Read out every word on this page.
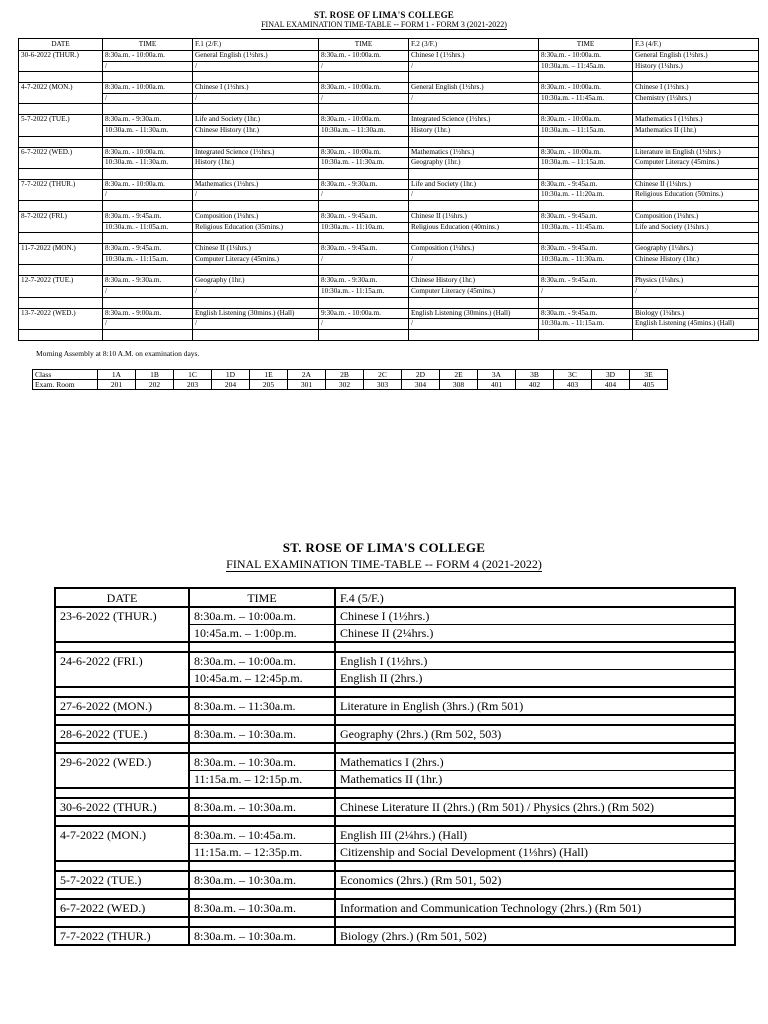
ST. ROSE OF LIMA'S COLLEGE
FINAL EXAMINATION TIME-TABLE -- FORM 1 - FORM 3 (2021-2022)
DATE	TIME	F.1 (2/F.)	TIME	F.2 (3/F.)	TIME	F.3 (4/F.)
30-6-2022 (THUR.)	8:30a.m. - 10:00a.m.	General English (1½hrs.)	8:30a.m. - 10:00a.m.	Chinese I (1½hrs.)	8:30a.m. - 10:00a.m.	General English (1½hrs.)
	/	/	/	/	10:30a.m. – 11:45a.m.	History (1¼hrs.)

4-7-2022 (MON.)	8:30a.m. - 10:00a.m.	Chinese I (1½hrs.)	8:30a.m. - 10:00a.m.	General English (1½hrs.)	8:30a.m. - 10:00a.m.	Chinese I (1½hrs.)
	/	/	/	/	10:30a.m. - 11:45a.m.	Chemistry (1¼hrs.)

5-7-2022 (TUE.)	8:30a.m. - 9:30a.m.	Life and Society (1hr.)	8:30a.m. - 10:00a.m.	Integrated Science (1½hrs.)	8:30a.m. - 10:00a.m.	Mathematics I (1½hrs.)
	10:30a.m. - 11:30a.m.	Chinese History (1hr.)	10:30a.m. – 11:30a.m.	History (1hr.)	10:30a.m. – 11:15a.m.	Mathematics II (1hr.)

6-7-2022 (WED.)	8:30a.m. - 10:00a.m.	Integrated Science (1½hrs.)	8:30a.m. - 10:00a.m.	Mathematics (1½hrs.)	8:30a.m. - 10:00a.m.	Literature in English (1½hrs.)
	10:30a.m. - 11:30a.m.	History (1hr.)	10:30a.m. - 11:30a.m.	Geography (1hr.)	10:30a.m. – 11:15a.m.	Computer Literacy (45mins.)

7-7-2022 (THUR.)	8:30a.m. - 10:00a.m.	Mathematics (1½hrs.)	8:30a.m. - 9:30a.m.	Life and Society (1hr.)	8:30a.m. - 9:45a.m.	Chinese II (1¼hrs.)
	/	/	/	/	10:30a.m. - 11:20a.m.	Religious Education (50mins.)

8-7-2022 (FRI.)	8:30a.m. - 9:45a.m.	Composition (1¼hrs.)	8:30a.m. - 9:45a.m.	Chinese II (1¼hrs.)	8:30a.m. - 9:45a.m.	Composition (1¼hrs.)
	10:30a.m. - 11:05a.m.	Religious Education (35mins.)	10:30a.m. - 11:10a.m.	Religious Education (40mins.)	10:30a.m. - 11:45a.m.	Life and Society (1¼hrs.)

11-7-2022 (MON.)	8:30a.m. - 9:45a.m.	Chinese II (1¼hrs.)	8:30a.m. - 9:45a.m.	Composition (1¼hrs.)	8:30a.m. - 9:45a.m.	Geography (1¼hrs.)
	10:30a.m. - 11:15a.m.	Computer Literacy (45mins.)	/	/	10:30a.m. - 11:30a.m.	Chinese History (1hr.)

12-7-2022 (TUE.)	8:30a.m. - 9:30a.m.	Geography (1hr.)	8:30a.m. - 9:30a.m.	Chinese History (1hr.)	8:30a.m. - 9:45a.m.	Physics (1¼hrs.)
	/	/	10:30a.m. - 11:15a.m.	Computer Literacy (45mins.)	/	/

13-7-2022 (WED.)	8:30a.m. - 9:00a.m.	English Listening (30mins.) (Hall)	9:30a.m. - 10:00a.m.	English Listening (30mins.) (Hall)	8:30a.m. - 9:45a.m.	Biology (1¼hrs.)
	/	/	/	/	10:30a.m. - 11:15a.m.	English Listening (45mins.) (Hall)

Morning Assembly at 8:10 A.M. on examination days.
Class	1A	1B	1C	1D	1E	2A	2B	2C	2D	2E	3A	3B	3C	3D	3E
Exam. Room	201	202	203	204	205	301	302	303	304	308	401	402	403	404	405
ST. ROSE OF LIMA'S COLLEGE
FINAL EXAMINATION TIME-TABLE -- FORM 4 (2021-2022)
DATE	TIME	F.4 (5/F.)
23-6-2022 (THUR.)	8:30a.m. – 10:00a.m.	Chinese I (1½hrs.)
	10:45a.m. – 1:00p.m.	Chinese II (2¼hrs.)

24-6-2022 (FRI.)	8:30a.m. – 10:00a.m.	English I (1½hrs.)
	10:45a.m. – 12:45p.m.	English II (2hrs.)

27-6-2022 (MON.)	8:30a.m. – 11:30a.m.	Literature in English (3hrs.) (Rm 501)

28-6-2022 (TUE.)	8:30a.m. – 10:30a.m.	Geography (2hrs.) (Rm 502, 503)

29-6-2022 (WED.)	8:30a.m. – 10:30a.m.	Mathematics I (2hrs.)
	11:15a.m. – 12:15p.m.	Mathematics II (1hr.)

30-6-2022 (THUR.)	8:30a.m. – 10:30a.m.	Chinese Literature II (2hrs.) (Rm 501) / Physics (2hrs.) (Rm 502)

4-7-2022 (MON.)	8:30a.m. – 10:45a.m.	English III (2¼hrs.) (Hall)
	11:15a.m. – 12:35p.m.	Citizenship and Social Development (1⅓hrs) (Hall)

5-7-2022 (TUE.)	8:30a.m. – 10:30a.m.	Economics (2hrs.) (Rm 501, 502)

6-7-2022 (WED.)	8:30a.m. – 10:30a.m.	Information and Communication Technology (2hrs.) (Rm 501)

7-7-2022 (THUR.)	8:30a.m. – 10:30a.m.	Biology (2hrs.) (Rm 501, 502)
